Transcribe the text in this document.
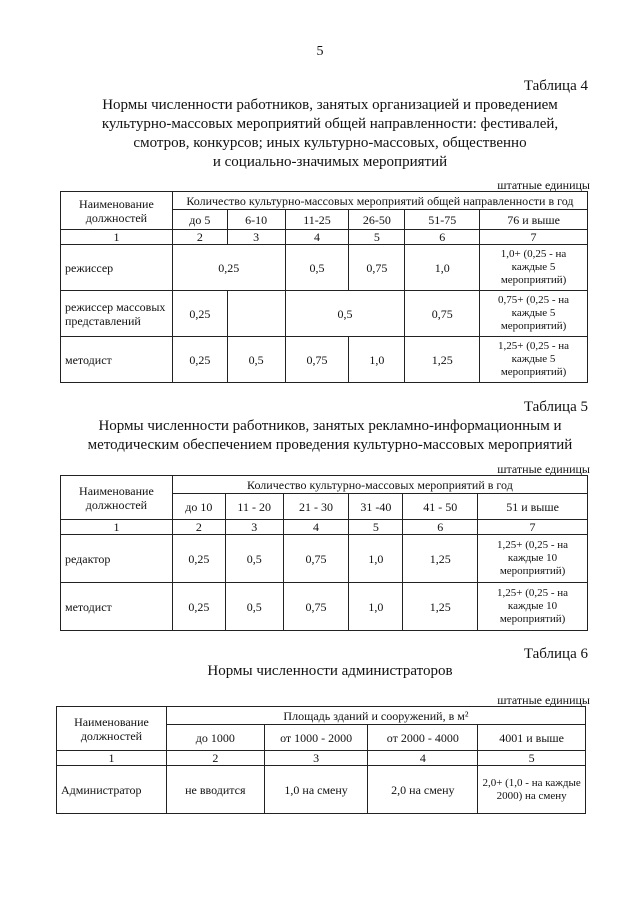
5
Таблица 4
Нормы численности работников, занятых организацией и проведением
культурно-массовых мероприятий общей направленности: фестивалей,
смотров, конкурсов; иных культурно-массовых, общественно
и социально-значимых мероприятий
штатные единицы
Наименование должностей	Количество культурно-массовых мероприятий общей направленности в год					
	до 5	6-10	11-25	26-50	51-75	76 и выше
1	2	3	4	5	6	7
режиссер	0,25		0,5	0,75	1,0	1,0+ (0,25 - на каждые 5 мероприятий)
режиссер массовых представлений	0,25		0,5		0,75	0,75+ (0,25 - на каждые 5 мероприятий)
методист	0,25	0,5	0,75	1,0	1,25	1,25+ (0,25 - на каждые 5 мероприятий)
Таблица 5
Нормы численности работников, занятых рекламно-информационным и
методическим обеспечением проведения культурно-массовых мероприятий
штатные единицы
Наименование должностей	Количество культурно-массовых мероприятий в год					
	до 10	11 - 20	21 - 30	31 -40	41 - 50	51 и выше
1	2	3	4	5	6	7
редактор	0,25	0,5	0,75	1,0	1,25	1,25+ (0,25 - на каждые 10 мероприятий)
методист	0,25	0,5	0,75	1,0	1,25	1,25+ (0,25 - на каждые 10 мероприятий)
Таблица 6
Нормы численности администраторов
штатные единицы
Наименование должностей	Площадь зданий и сооружений, в м²			
	до 1000	от 1000 - 2000	от 2000 - 4000	4001 и выше
1	2	3	4	5
Администратор	не вводится	1,0 на смену	2,0 на смену	2,0+ (1,0 - на каждые 2000) на смену
